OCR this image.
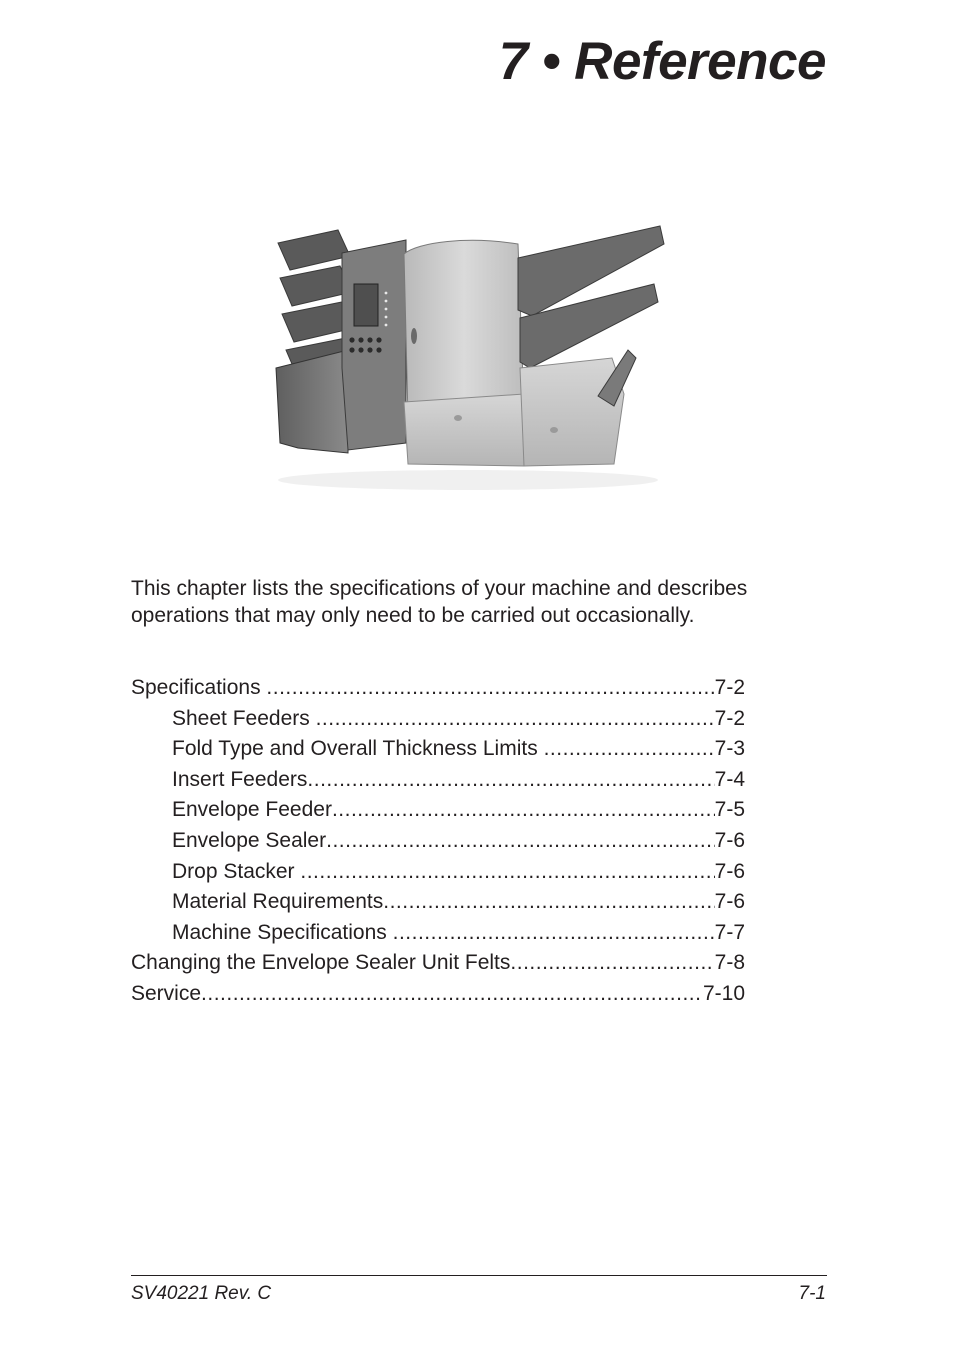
7 • Reference

This chapter lists the specifications of your machine and describes operations that may only need to be carried out occasionally.

Specifications .....	7-2
Sheet Feeders .....	7-2
Fold Type and Overall Thickness Limits .....	7-3
Insert Feeders .....	7-4
Envelope Feeder .....	7-5
Envelope Sealer .....	7-6
Drop Stacker .....	7-6
Material Requirements .....	7-6
Machine Specifications .....	7-7
Changing the Envelope Sealer Unit Felts .....	7-8
Service .....	7-10
SV40221 Rev. C	7-1
